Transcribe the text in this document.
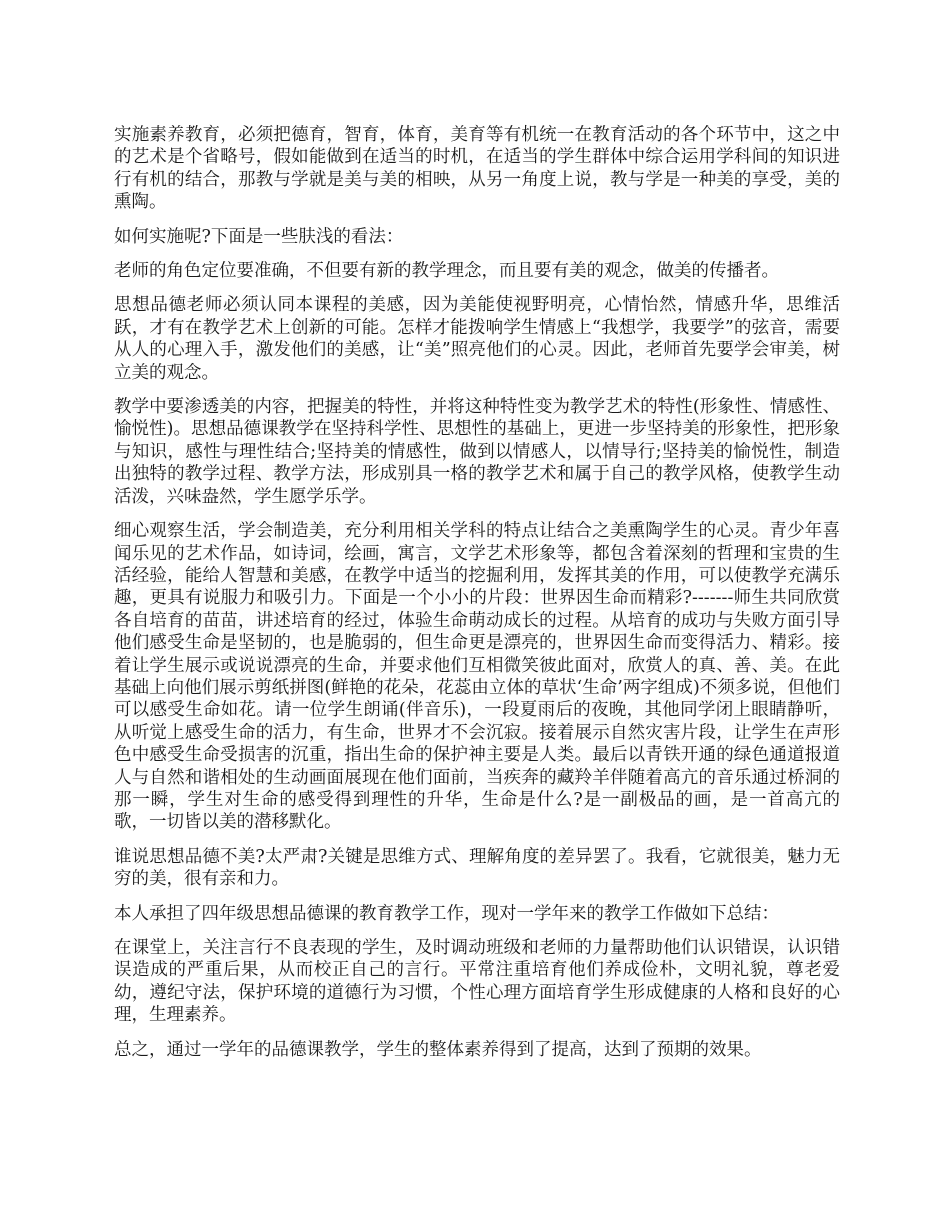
实施素养教育，必须把德育，智育，体育，美育等有机统一在教育活动的各个环节中，这之中的艺术是个省略号，假如能做到在适当的时机，在适当的学生群体中综合运用学科间的知识进行有机的结合，那教与学就是美与美的相映，从另一角度上说，教与学是一种美的享受，美的熏陶。

如何实施呢?下面是一些肤浅的看法：

老师的角色定位要准确，不但要有新的教学理念，而且要有美的观念，做美的传播者。

思想品德老师必须认同本课程的美感，因为美能使视野明亮，心情怡然，情感升华，思维活跃，才有在教学艺术上创新的可能。怎样才能拨响学生情感上“我想学，我要学”的弦音，需要从人的心理入手，激发他们的美感，让“美”照亮他们的心灵。因此，老师首先要学会审美，树立美的观念。

教学中要渗透美的内容，把握美的特性，并将这种特性变为教学艺术的特性(形象性、情感性、愉悦性)。思想品德课教学在坚持科学性、思想性的基础上，更进一步坚持美的形象性，把形象与知识，感性与理性结合;坚持美的情感性，做到以情感人，以情导行;坚持美的愉悦性，制造出独特的教学过程、教学方法，形成别具一格的教学艺术和属于自己的教学风格，使教学生动活泼，兴味盎然，学生愿学乐学。

细心观察生活，学会制造美，充分利用相关学科的特点让结合之美熏陶学生的心灵。青少年喜闻乐见的艺术作品，如诗词，绘画，寓言，文学艺术形象等，都包含着深刻的哲理和宝贵的生活经验，能给人智慧和美感，在教学中适当的挖掘利用，发挥其美的作用，可以使教学充满乐趣，更具有说服力和吸引力。下面是一个小小的片段：世界因生命而精彩?-------师生共同欣赏各自培育的苗苗，讲述培育的经过，体验生命萌动成长的过程。从培育的成功与失败方面引导他们感受生命是坚韧的，也是脆弱的，但生命更是漂亮的，世界因生命而变得活力、精彩。接着让学生展示或说说漂亮的生命，并要求他们互相微笑彼此面对，欣赏人的真、善、美。在此基础上向他们展示剪纸拼图(鲜艳的花朵，花蕊由立体的草状‘生命’两字组成)不须多说，但他们可以感受生命如花。请一位学生朗诵(伴音乐)，一段夏雨后的夜晚，其他同学闭上眼睛静听，从听觉上感受生命的活力，有生命，世界才不会沉寂。接着展示自然灾害片段，让学生在声形色中感受生命受损害的沉重，指出生命的保护神主要是人类。最后以青铁开通的绿色通道报道人与自然和谐相处的生动画面展现在他们面前，当疾奔的藏羚羊伴随着高亢的音乐通过桥洞的那一瞬，学生对生命的感受得到理性的升华，生命是什么?是一副极品的画，是一首高亢的歌，一切皆以美的潜移默化。

谁说思想品德不美?太严肃?关键是思维方式、理解角度的差异罢了。我看，它就很美，魅力无穷的美，很有亲和力。

本人承担了四年级思想品德课的教育教学工作，现对一学年来的教学工作做如下总结：

在课堂上，关注言行不良表现的学生，及时调动班级和老师的力量帮助他们认识错误，认识错误造成的严重后果，从而校正自己的言行。平常注重培育他们养成俭朴，文明礼貌，尊老爱幼，遵纪守法，保护环境的道德行为习惯，个性心理方面培育学生形成健康的人格和良好的心理，生理素养。

总之，通过一学年的品德课教学，学生的整体素养得到了提高，达到了预期的效果。
